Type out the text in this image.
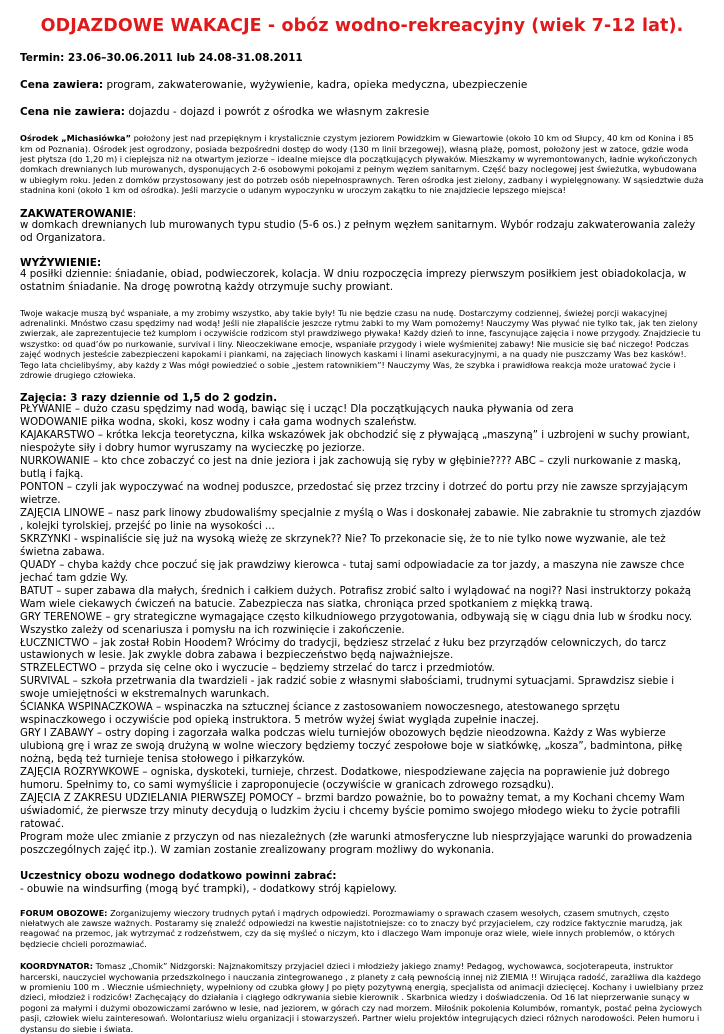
ODJAZDOWE WAKACJE - obóz wodno-rekreacyjny (wiek 7-12 lat).

Termin: 23.06–30.06.2011 lub 24.08-31.08.2011

Cena zawiera: program, zakwaterowanie, wyżywienie, kadra, opieka medyczna, ubezpieczenie

Cena nie zawiera: dojazdu - dojazd i powrót z ośrodka we własnym zakresie

Ośrodek „Michasiówka” położony jest nad przepięknym i krystalicznie czystym jeziorem Powidzkim w Giewartowie (około 10 km od Słupcy, 40 km od Konina i 85 km od Poznania). Ośrodek jest ogrodzony, posiada bezpośredni dostęp do wody (130 m linii brzegowej), własną plażę, pomost, położony jest w zatoce, gdzie woda jest płytsza (do 1,20 m) i cieplejsza niż na otwartym jeziorze – idealne miejsce dla początkujących pływaków. Mieszkamy w wyremontowanych, ładnie wykończonych domkach drewnianych lub murowanych, dysponujących 2-6 osobowymi pokojami z pełnym węzłem sanitarnym. Część bazy noclegowej jest świeżutka, wybudowana w ubiegłym roku. Jeden z domków przystosowany jest do potrzeb osób niepełnosprawnych. Teren ośrodka jest zielony, zadbany i wypielęgnowany. W sąsiedztwie duża stadnina koni (około 1 km od ośrodka). Jeśli marzycie o udanym wypoczynku w uroczym zakątku to nie znajdziecie lepszego miejsca!

ZAKWATEROWANIE:

w domkach drewnianych lub murowanych typu studio (5-6 os.) z pełnym węzłem sanitarnym. Wybór rodzaju zakwaterowania zależy od Organizatora.

WYŻYWIENIE:

4 posiłki dziennie: śniadanie, obiad, podwieczorek, kolacja. W dniu rozpoczęcia imprezy pierwszym posiłkiem jest obiadokolacja, w ostatnim śniadanie. Na drogę powrotną każdy otrzymuje suchy prowiant.

Twoje wakacje muszą być wspaniałe, a my zrobimy wszystko, aby takie były! Tu nie będzie czasu na nudę. Dostarczymy codziennej, świeżej porcji wakacyjnej adrenalinki. Mnóstwo czasu spędzimy nad wodą! Jeśli nie złapaliście jeszcze rytmu żabki to my Wam pomożemy! Nauczymy Was pływać nie tylko tak, jak ten zielony zwierzak, ale zaprezentujecie też kumplom i oczywiście rodzicom styl prawdziwego pływaka! Każdy dzień to inne, fascynujące zajęcia i nowe przygody. Znajdziecie tu wszystko: od quad’ów po nurkowanie, survival i liny. Nieoczekiwane emocje, wspaniałe przygody i wiele wyśmienitej zabawy! Nie musicie się bać niczego! Podczas zajęć wodnych jesteście zabezpieczeni kapokami i piankami, na zajęciach linowych kaskami i linami asekuracyjnymi, a na quady nie puszczamy Was bez kasków!. Tego lata chcielibyśmy, aby każdy z Was mógł powiedzieć o sobie „jestem ratownikiem”! Nauczymy Was, że szybka i prawidłowa reakcja może uratować życie i zdrowie drugiego człowieka.

Zajęcia: 3 razy dziennie od 1,5 do 2 godzin.

PŁYWANIE – dużo czasu spędzimy nad wodą, bawiąc się i ucząc! Dla początkujących nauka pływania od zera

WODOWANIE piłka wodna, skoki, kosz wodny i cała gama wodnych szaleństw.

KAJAKARSTWO – krótka lekcja teoretyczna, kilka wskazówek jak obchodzić się z pływającą „maszyną” i uzbrojeni w suchy prowiant, niespożyte siły i dobry humor wyruszamy na wycieczkę po jeziorze.

NURKOWANIE – kto chce zobaczyć co jest na dnie jeziora i jak zachowują się ryby w głębinie???? ABC – czyli nurkowanie z maską, butlą i fajką.

PONTON – czyli jak wypoczywać na wodnej poduszce, przedostać się przez trzciny i dotrzeć do portu przy nie zawsze sprzyjającym wietrze.

ZAJĘCIA LINOWE – nasz park linowy zbudowaliśmy specjalnie z myślą o Was i doskonałej zabawie. Nie zabraknie tu stromych zjazdów , kolejki tyrolskiej, przejść po linie na wysokości ...

SKRZYNKI - wspinaliście się już na wysoką wieżę ze skrzynek?? Nie? To przekonacie się, że to nie tylko nowe wyzwanie, ale też świetna zabawa.

QUADY – chyba każdy chce poczuć się jak prawdziwy kierowca - tutaj sami odpowiadacie za tor jazdy, a maszyna nie zawsze chce jechać tam gdzie Wy.

BATUT – super zabawa dla małych, średnich i całkiem dużych. Potrafisz zrobić salto i wylądować na nogi?? Nasi instruktorzy pokażą Wam wiele ciekawych ćwiczeń na batucie. Zabezpiecza nas siatka, chroniąca przed spotkaniem z miękką trawą.

GRY TERENOWE – gry strategiczne wymagające często kilkudniowego przygotowania, odbywają się w ciągu dnia lub w środku nocy. Wszystko zależy od scenariusza i pomysłu na ich rozwinięcie i zakończenie.

ŁUCZNICTWO – jak został Robin Hoodem? Wrócimy do tradycji, będziesz strzelać z łuku bez przyrządów celowniczych, do tarcz ustawionych w lesie. Jak zwykle dobra zabawa i bezpieczeństwo będą najważniejsze.

STRZELECTWO – przyda się celne oko i wyczucie – będziemy strzelać do tarcz i przedmiotów.

SURVIVAL – szkoła przetrwania dla twardzieli - jak radzić sobie z własnymi słabościami, trudnymi sytuacjami. Sprawdzisz siebie i swoje umiejętności w ekstremalnych warunkach.

ŚCIANKA WSPINACZKOWA – wspinaczka na sztucznej ściance z zastosowaniem nowoczesnego, atestowanego sprzętu wspinaczkowego i oczywiście pod opieką instruktora. 5 metrów wyżej świat wygląda zupełnie inaczej.

GRY I ZABAWY – ostry doping i zagorzała walka podczas wielu turniejów obozowych będzie nieodzowna. Każdy z Was wybierze ulubioną grę i wraz ze swoją drużyną w wolne wieczory będziemy toczyć zespołowe boje w siatkówkę, „kosza”, badmintona, piłkę nożną, będą też turnieje tenisa stołowego i piłkarzyków.

ZAJĘCIA ROZRYWKOWE – ogniska, dyskoteki, turnieje, chrzest. Dodatkowe, niespodziewane zajęcia na poprawienie już dobrego humoru. Spełnimy to, co sami wymyślicie i zaproponujecie (oczywiście w granicach zdrowego rozsądku).

ZAJĘCIA Z ZAKRESU UDZIELANIA PIERWSZEJ POMOCY – brzmi bardzo poważnie, bo to poważny temat, a my Kochani chcemy Wam uświadomić, że pierwsze trzy minuty decydują o ludzkim życiu i chcemy byście pomimo swojego młodego wieku to życie potrafili ratować.

Program może ulec zmianie z przyczyn od nas niezależnych (złe warunki atmosferyczne lub niesprzyjające warunki do prowadzenia poszczególnych zajęć itp.). W zamian zostanie zrealizowany program możliwy do wykonania.

Uczestnicy obozu wodnego dodatkowo powinni zabrać:

- obuwie na windsurfing (mogą być trampki), - dodatkowy strój kąpielowy.

FORUM OBOZOWE: Zorganizujemy wieczory trudnych pytań i mądrych odpowiedzi. Porozmawiamy o sprawach czasem wesołych, czasem smutnych, często niełatwych ale zawsze ważnych. Postaramy się znaleźć odpowiedzi na kwestie najistotniejsze: co to znaczy być przyjacielem, czy rodzice faktycznie marudzą, jak reagować na przemoc, jak wytrzymać z rodzeństwem, czy da się myśleć o niczym, kto i dlaczego Wam imponuje oraz wiele, wiele innych problemów, o których będziecie chcieli porozmawiać.

KOORDYNATOR: Tomasz „Chomik” Nidzgorski: Najznakomitszy przyjaciel dzieci i młodzieży jakiego znamy! Pedagog, wychowawca, socjoterapeuta, instruktor harcerski, nauczyciel wychowania przedszkolnego i nauczania zintegrowanego , z planety z całą pewnością innej niż ZIEMIA !! Wirująca radość, zarażliwa dla każdego w promieniu 100 m . Wiecznie uśmiechnięty, wypełniony od czubka głowy J po pięty pozytywną energią, specjalista od animacji dziecięcej. Kochany i uwielbiany przez dzieci, młodzież i rodziców! Zachęcający do działania i ciągłego odkrywania siebie kierownik . Skarbnica wiedzy i doświadczenia. Od 16 lat nieprzerwanie sunący w pogoni za małymi i dużymi obozowiczami zarówno w lesie, nad jeziorem, w górach czy nad morzem. Miłośnik pokolenia Kolumbów, romantyk, postać pełna życiowych pasji, człowiek wielu zainteresowań. Wolontariusz wielu organizacji i stowarzyszeń. Partner wielu projektów integrujących dzieci różnych narodowości. Pełen humoru i dystansu do siebie i świata.
